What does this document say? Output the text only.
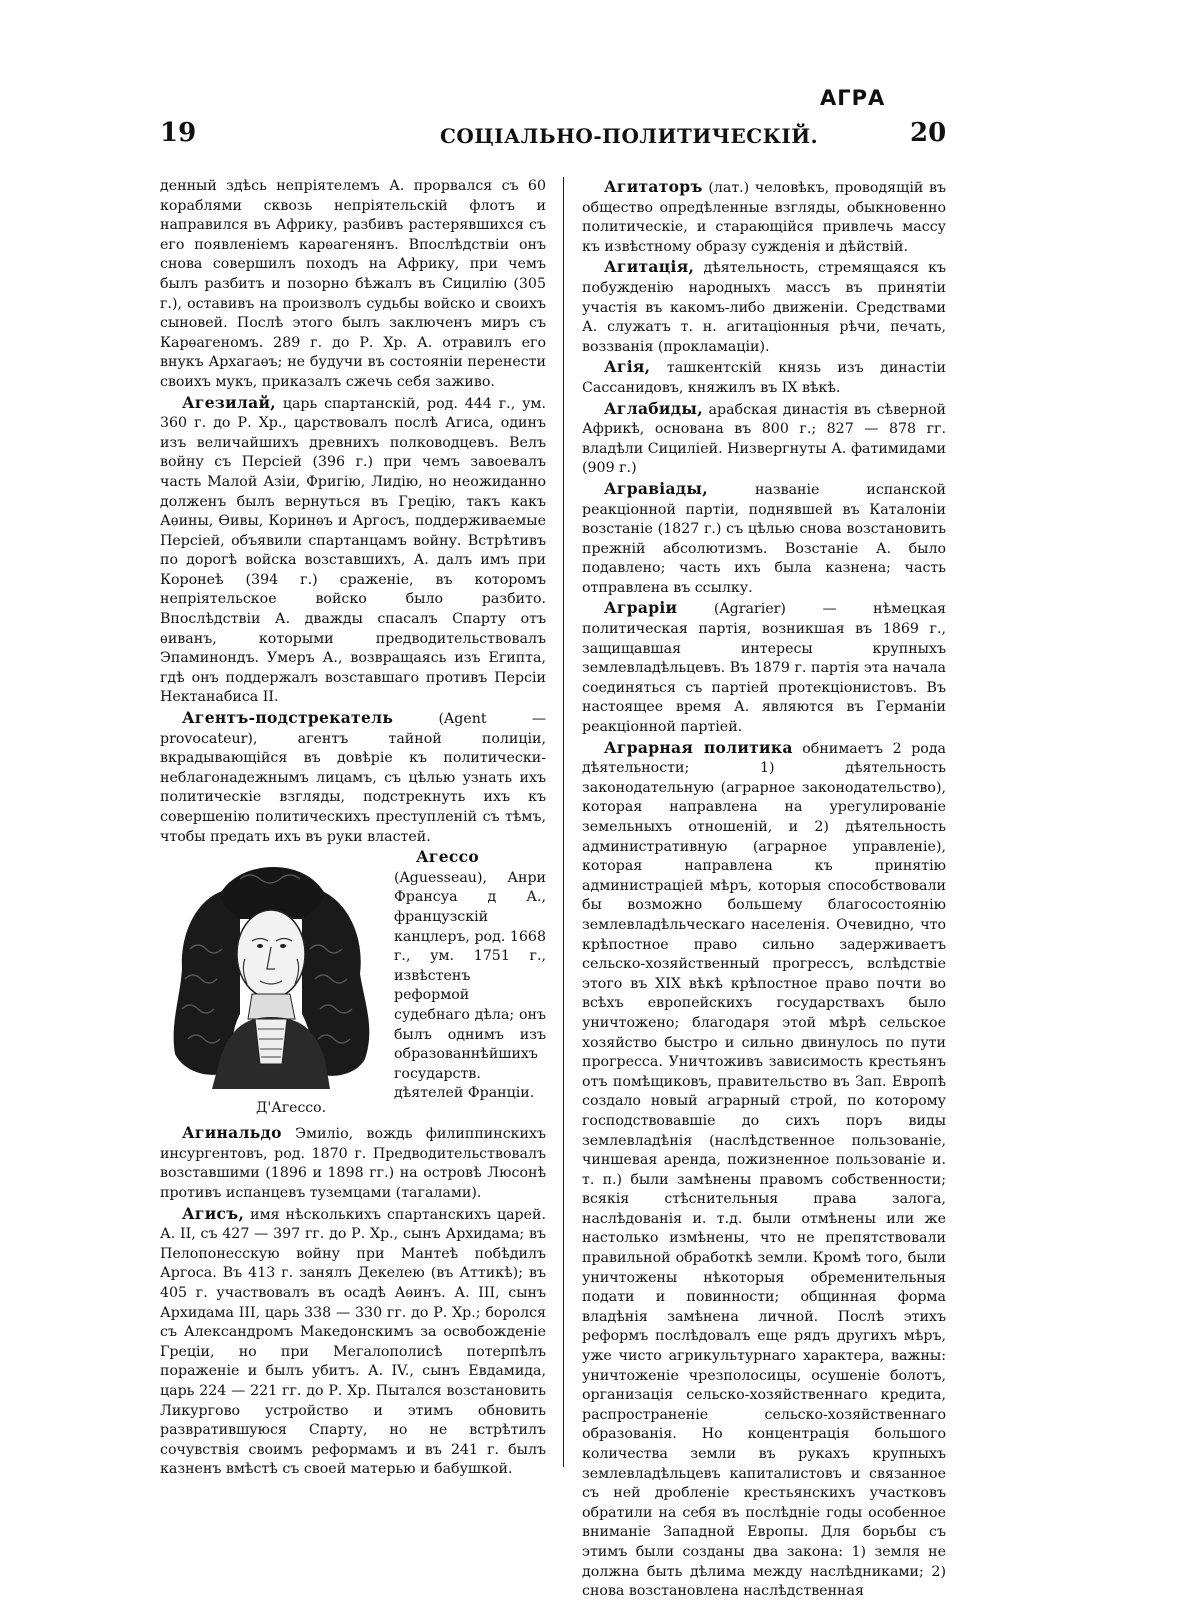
АГРА
19	СОЦІАЛЬНО-ПОЛИТИЧЕСКІЙ.	20

денный здѣсь непріятелемъ А. прорвался съ 60 кораблями сквозь непріятельскій флотъ и направился въ Африку, разбивъ растерявшихся съ его появленіемъ карѳагенянъ. Впослѣдствіи онъ снова совершилъ походъ на Африку, при чемъ былъ разбитъ и позорно бѣжалъ въ Сицилію (305 г.), оставивъ на произволъ судьбы войско и своихъ сыновей. Послѣ этого былъ заключенъ миръ съ Карѳагеномъ. 289 г. до Р. Хр. А. отравилъ его внукъ Архагаѳъ; не будучи въ состояніи перенести своихъ мукъ, приказалъ сжечь себя заживо.

Агезилай, царь спартанскій, род. 444 г., ум. 360 г. до Р. Хр., царствовалъ послѣ Агиса, одинъ изъ величайшихъ древнихъ полководцевъ. Велъ войну съ Персіей (396 г.) при чемъ завоевалъ часть Малой Азіи, Фригію, Лидію, но неожиданно долженъ былъ вернуться въ Грецію, такъ какъ Аѳины, Ѳивы, Коринѳъ и Аргосъ, поддерживаемые Персіей, объявили спартанцамъ войну. Встрѣтивъ по дорогѣ войска возставшихъ, А. далъ имъ при Коронеѣ (394 г.) сраженіе, въ которомъ непріятельское войско было разбито. Впослѣдствіи А. дважды спасалъ Спарту отъ ѳиванъ, которыми предводительствовалъ Эпаминондъ. Умеръ А., возвращаясь изъ Египта, гдѣ онъ поддержалъ возставшаго противъ Персіи Нектанабиса II.

Агентъ-подстрекатель	(Agent — provocateur), агентъ тайной полиціи, вкрадывающійся въ довѣріе къ политически-неблагонадежнымъ лицамъ, съ цѣлью узнать ихъ политическіе взгляды, подстрекнуть ихъ къ совершенію политическихъ преступленій съ тѣмъ, чтобы предать ихъ въ руки властей.

Д'Агессо.

Агессо (Aguesseau), Анри Франсуа д А., французскій канцлеръ, род. 1668 г., ум. 1751 г., извѣстенъ реформой судебнаго дѣла; онъ былъ однимъ изъ образованнѣйшихъ государств. дѣятелей Франціи.

Агинальдо Эмиліо, вождь филиппинскихъ инсургентовъ, род. 1870 г. Предводительствовалъ возставшими (1896 и 1898 гг.) на островѣ Люсонѣ противъ испанцевъ туземцами (тагалами).

Агисъ, имя нѣсколькихъ спартанскихъ царей. А. II, съ 427 — 397 гг. до Р. Хр., сынъ Архидама; въ Пелопонесскую войну при Мантеѣ побѣдилъ Аргоса. Въ 413 г. занялъ Декелею (въ Аттикѣ); въ 405 г. участвовалъ въ осадѣ Аѳинъ. А. III, сынъ Архидама III, царь 338 — 330 гг. до Р. Хр.; боролся съ Александромъ Македонскимъ за освобожденіе Греціи, но при Мегалополисѣ потерпѣлъ пораженіе и былъ убитъ. А. IV., сынъ Евдамида, царь 224 — 221 гг. до Р. Хр. Пытался возстановить Ликургово устройство и этимъ обновить развратившуюся Спарту, но не встрѣтилъ сочувствія своимъ реформамъ и въ 241 г. былъ казненъ вмѣстѣ съ своей матерью и бабушкой.

Агитаторъ (лат.) человѣкъ, проводящій въ общество опредѣленные взгляды, обыкновенно политическіе, и старающійся привлечь массу къ извѣстному образу сужденія и дѣйствій.

Агитація, дѣятельность, стремящаяся къ побужденію народныхъ массъ въ принятіи участія въ какомъ-либо движеніи. Средствами А. служатъ т. н. агитаціонныя рѣчи, печать, воззванія (прокламаціи).

Агія, ташкентскій князь изъ династіи Сассанидовъ, княжилъ въ IX вѣкѣ.

Аглабиды, арабская династія въ сѣверной Африкѣ, основана въ 800 г.; 827 — 878 гг. владѣли Сициліей. Низвергнуты А. фатимидами (909 г.)

Агравіады,	названіе испанской реакціонной партіи, поднявшей въ Каталоніи возстаніе (1827 г.) съ цѣлью снова возстановить прежній абсолютизмъ. Возстаніе А. было подавлено; часть ихъ была казнена; часть отправлена въ ссылку.

Аграріи	(Agrarier) — нѣмецкая политическая партія, возникшая въ 1869 г., защищавшая интересы крупныхъ землевладѣльцевъ. Въ 1879 г. партія эта начала соединяться съ партіей протекціонистовъ. Въ настоящее время А. являются въ Германіи реакціонной партіей.

Аграрная политика обнимаетъ 2 рода дѣятельности; 1) дѣятельность законодательную (аграрное законодательство), которая направлена на урегулированіе земельныхъ отношеній, и 2) дѣятельность административную (аграрное управленіе), которая направлена къ принятію администраціей мѣръ, которыя способствовали бы возможно большему благосостоянію землевладѣльческаго населенія. Очевидно, что крѣпостное право сильно задерживаетъ сельско-хозяйственный прогрессъ, вслѣдствіе этого въ XIX вѣкѣ крѣпостное право почти во всѣхъ европейскихъ государствахъ было уничтожено; благодаря этой мѣрѣ сельское хозяйство быстро и сильно двинулось по пути прогресса. Уничтоживъ зависимость крестьянъ отъ помѣщиковъ, правительство въ Зап. Европѣ создало новый аграрный строй, по которому господствовавшіе до сихъ поръ виды землевладѣнія (наслѣдственное пользованіе, чиншевая аренда, пожизненное пользованіе и. т. п.) были замѣнены правомъ собственности; всякія стѣснительныя права залога, наслѣдованія и. т.д. были отмѣнены или же настолько измѣнены, что не препятствовали правильной обработкѣ земли. Кромѣ того, были уничтожены нѣкоторыя обременительныя подати и повинности; общинная форма владѣнія замѣнена личной. Послѣ этихъ реформъ послѣдовалъ еще рядъ другихъ мѣръ, уже чисто агрикультурнаго характера, важны: уничтоженіе чрезполосицы, осушеніе болотъ, организація сельско-хозяйственнаго кредита, распространеніе сельско-хозяйственнаго образованія. Но концентрація большого количества земли въ рукахъ крупныхъ землевладѣльцевъ капиталистовъ и связанное съ ней дробленіе крестьянскихъ участковъ обратили на себя въ послѣдніе годы особенное вниманіе Западной Европы. Для борьбы съ этимъ были созданы два закона: 1) земля не должна быть дѣлима между наслѣдниками; 2) снова возстановлена наслѣдственная
